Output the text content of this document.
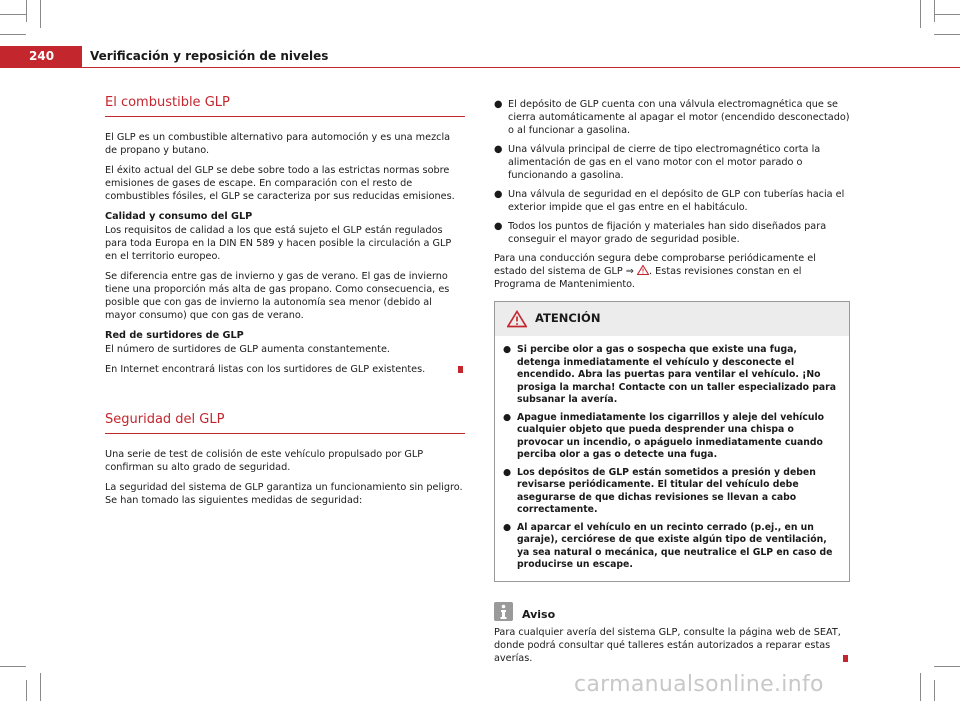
240	Verificación y reposición de niveles
El combustible GLP
El GLP es un combustible alternativo para automoción y es una mezcla de propano y butano.
El éxito actual del GLP se debe sobre todo a las estrictas normas sobre emisiones de gases de escape. En comparación con el resto de combustibles fósiles, el GLP se caracteriza por sus reducidas emisiones.
Calidad y consumo del GLP
Los requisitos de calidad a los que está sujeto el GLP están regulados para toda Europa en la DIN EN 589 y hacen posible la circulación a GLP en el territorio europeo.
Se diferencia entre gas de invierno y gas de verano. El gas de invierno tiene una proporción más alta de gas propano. Como consecuencia, es posible que con gas de invierno la autonomía sea menor (debido al mayor consumo) que con gas de verano.
Red de surtidores de GLP
El número de surtidores de GLP aumenta constantemente.
En Internet encontrará listas con los surtidores de GLP existentes.
Seguridad del GLP
Una serie de test de colisión de este vehículo propulsado por GLP confirman su alto grado de seguridad.
La seguridad del sistema de GLP garantiza un funcionamiento sin peligro. Se han tomado las siguientes medidas de seguridad:
● El depósito de GLP cuenta con una válvula electromagnética que se cierra automáticamente al apagar el motor (encendido desconectado) o al funcionar a gasolina.
● Una válvula principal de cierre de tipo electromagnético corta la alimentación de gas en el vano motor con el motor parado o funcionando a gasolina.
● Una válvula de seguridad en el depósito de GLP con tuberías hacia el exterior impide que el gas entre en el habitáculo.
● Todos los puntos de fijación y materiales han sido diseñados para conseguir el mayor grado de seguridad posible.
Para una conducción segura debe comprobarse periódicamente el estado del sistema de GLP ⇒ . Estas revisiones constan en el Programa de Mantenimiento.
ATENCIÓN
● Si percibe olor a gas o sospecha que existe una fuga, detenga inmediatamente el vehículo y desconecte el encendido. Abra las puertas para ventilar el vehículo. ¡No prosiga la marcha! Contacte con un taller especializado para subsanar la avería.
● Apague inmediatamente los cigarrillos y aleje del vehículo cualquier objeto que pueda desprender una chispa o provocar un incendio, o apáguelo inmediatamente cuando perciba olor a gas o detecte una fuga.
● Los depósitos de GLP están sometidos a presión y deben revisarse periódicamente. El titular del vehículo debe asegurarse de que dichas revisiones se llevan a cabo correctamente.
● Al aparcar el vehículo en un recinto cerrado (p.ej., en un garaje), cerciórese de que existe algún tipo de ventilación, ya sea natural o mecánica, que neutralice el GLP en caso de producirse un escape.
Aviso
Para cualquier avería del sistema GLP, consulte la página web de SEAT, donde podrá consultar qué talleres están autorizados a reparar estas averías.
carmanualsonline.info
